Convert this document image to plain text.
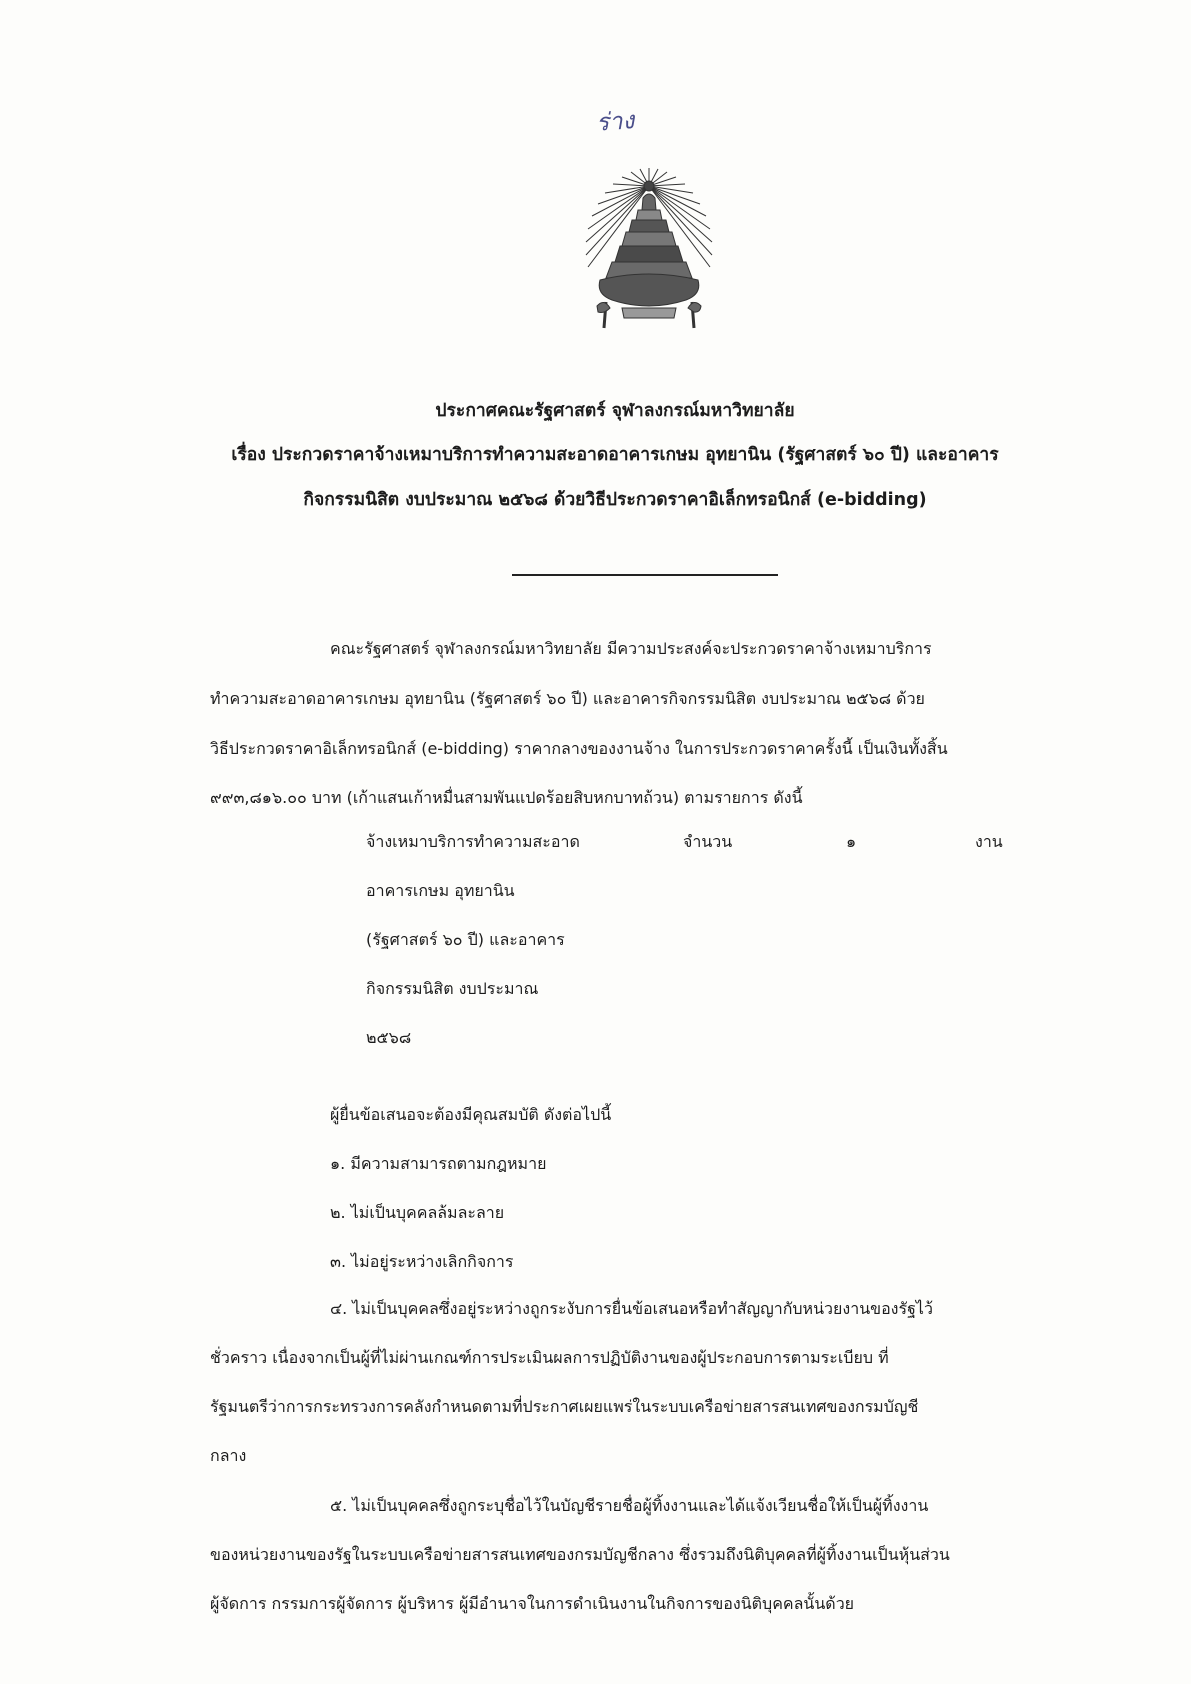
ร่าง
ประกาศคณะรัฐศาสตร์ จุฬาลงกรณ์มหาวิทยาลัย
เรื่อง ประกวดราคาจ้างเหมาบริการทำความสะอาดอาคารเกษม อุทยานิน (รัฐศาสตร์ ๖๐ ปี) และอาคาร
กิจกรรมนิสิต งบประมาณ ๒๕๖๘ ด้วยวิธีประกวดราคาอิเล็กทรอนิกส์ (e-bidding)
คณะรัฐศาสตร์ จุฬาลงกรณ์มหาวิทยาลัย มีความประสงค์จะประกวดราคาจ้างเหมาบริการ
ทำความสะอาดอาคารเกษม อุทยานิน (รัฐศาสตร์ ๖๐ ปี) และอาคารกิจกรรมนิสิต งบประมาณ ๒๕๖๘ ด้วย
วิธีประกวดราคาอิเล็กทรอนิกส์ (e-bidding) ราคากลางของงานจ้าง ในการประกวดราคาครั้งนี้ เป็นเงินทั้งสิ้น
๙๙๓,๘๑๖.๐๐ บาท (เก้าแสนเก้าหมื่นสามพันแปดร้อยสิบหกบาทถ้วน) ตามรายการ ดังนี้
จ้างเหมาบริการทำความสะอาด	จำนวน	๑	งาน
อาคารเกษม อุทยานิน
(รัฐศาสตร์ ๖๐ ปี) และอาคาร
กิจกรรมนิสิต งบประมาณ
๒๕๖๘
ผู้ยื่นข้อเสนอจะต้องมีคุณสมบัติ ดังต่อไปนี้
๑. มีความสามารถตามกฎหมาย
๒. ไม่เป็นบุคคลล้มละลาย
๓. ไม่อยู่ระหว่างเลิกกิจการ
๔. ไม่เป็นบุคคลซึ่งอยู่ระหว่างถูกระงับการยื่นข้อเสนอหรือทำสัญญากับหน่วยงานของรัฐไว้
ชั่วคราว เนื่องจากเป็นผู้ที่ไม่ผ่านเกณฑ์การประเมินผลการปฏิบัติงานของผู้ประกอบการตามระเบียบ ที่
รัฐมนตรีว่าการกระทรวงการคลังกำหนดตามที่ประกาศเผยแพร่ในระบบเครือข่ายสารสนเทศของกรมบัญชี
กลาง
๕. ไม่เป็นบุคคลซึ่งถูกระบุชื่อไว้ในบัญชีรายชื่อผู้ทิ้งงานและได้แจ้งเวียนชื่อให้เป็นผู้ทิ้งงาน
ของหน่วยงานของรัฐในระบบเครือข่ายสารสนเทศของกรมบัญชีกลาง ซึ่งรวมถึงนิติบุคคลที่ผู้ทิ้งงานเป็นหุ้นส่วน
ผู้จัดการ กรรมการผู้จัดการ ผู้บริหาร ผู้มีอำนาจในการดำเนินงานในกิจการของนิติบุคคลนั้นด้วย
